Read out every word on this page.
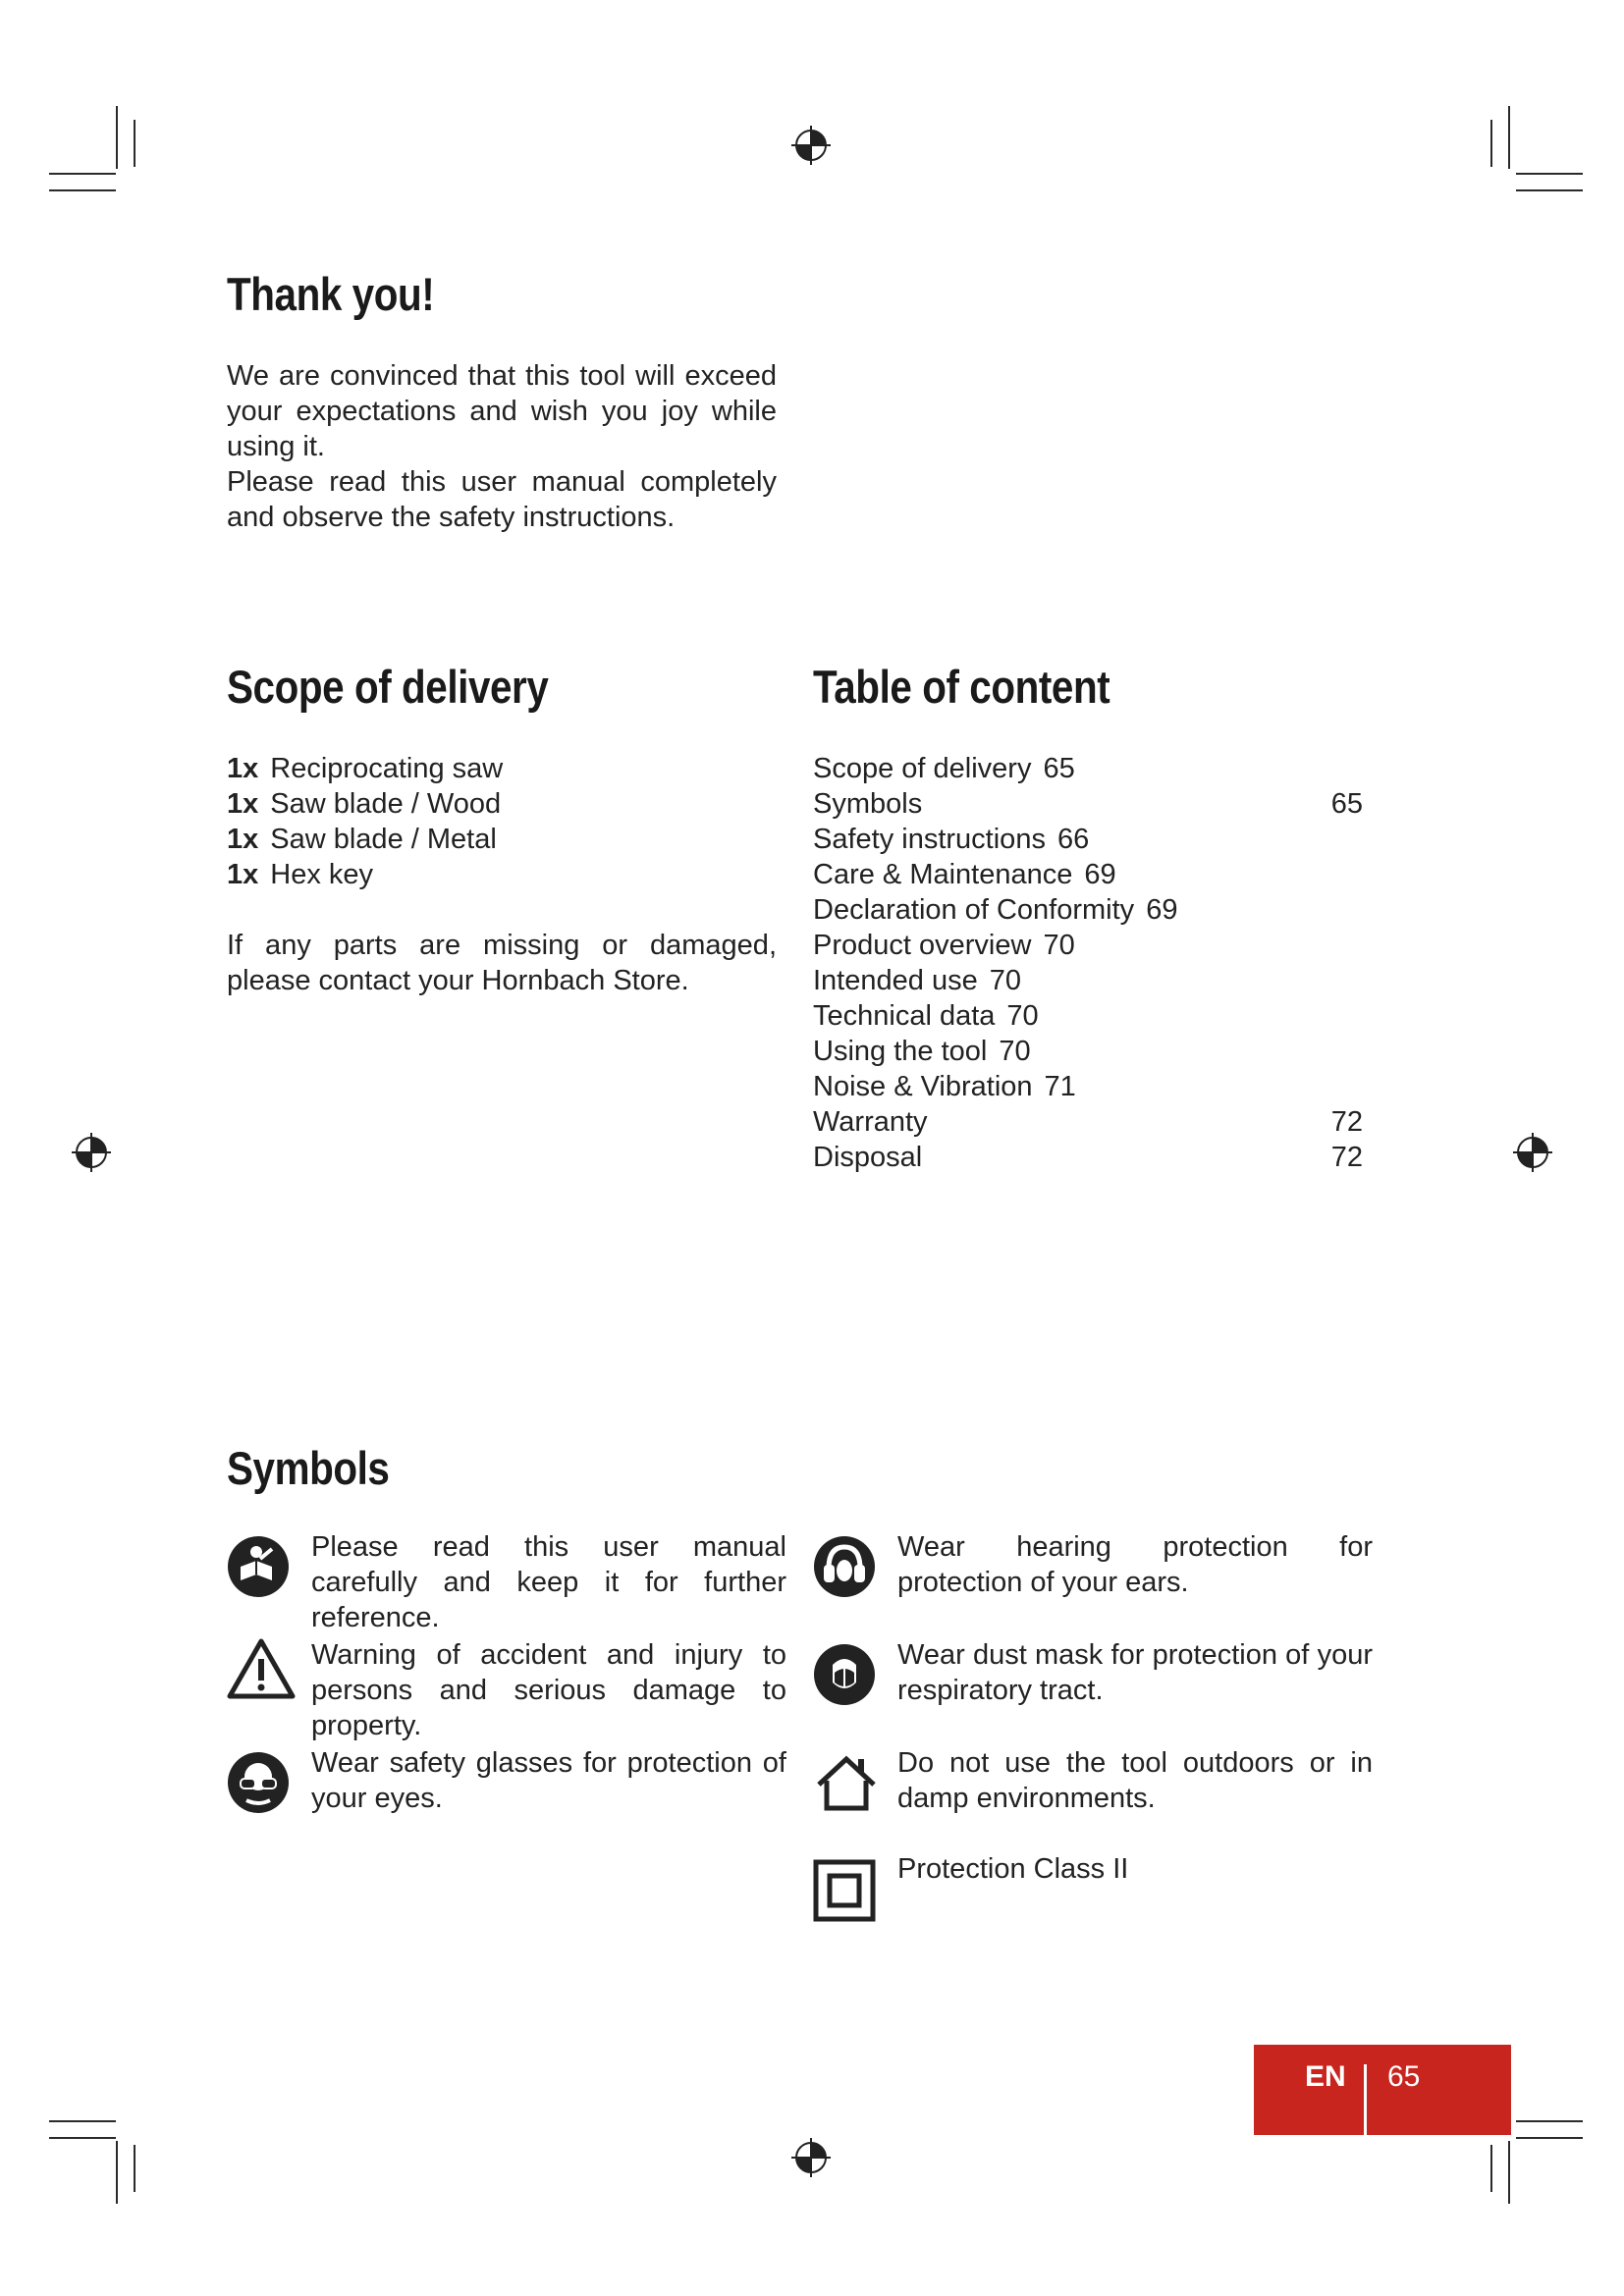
Thank you!
We are convinced that this tool will exceed your expectations and wish you joy while using it.
Please read this user manual completely and observe the safety instructions.
Scope of delivery
1x Reciprocating saw
1x Saw blade / Wood
1x Saw blade / Metal
1x Hex key
If any parts are missing or damaged, please contact your Hornbach Store.
Table of content
Scope of delivery 65
Symbols	65
Safety instructions 66
Care & Maintenance 69
Declaration of Conformity 69
Product overview 70
Intended use 70
Technical data 70
Using the tool 70
Noise & Vibration 71
Warranty	72
Disposal	72
Symbols
Please read this user manual carefully and keep it for further reference.
Warning of accident and injury to persons and serious damage to property.
Wear safety glasses for protection of your eyes.
Wear hearing protection for protection of your ears.
Wear dust mask for protection of your respiratory tract.
Do not use the tool outdoors or in damp environments.
Protection Class II
EN 65
